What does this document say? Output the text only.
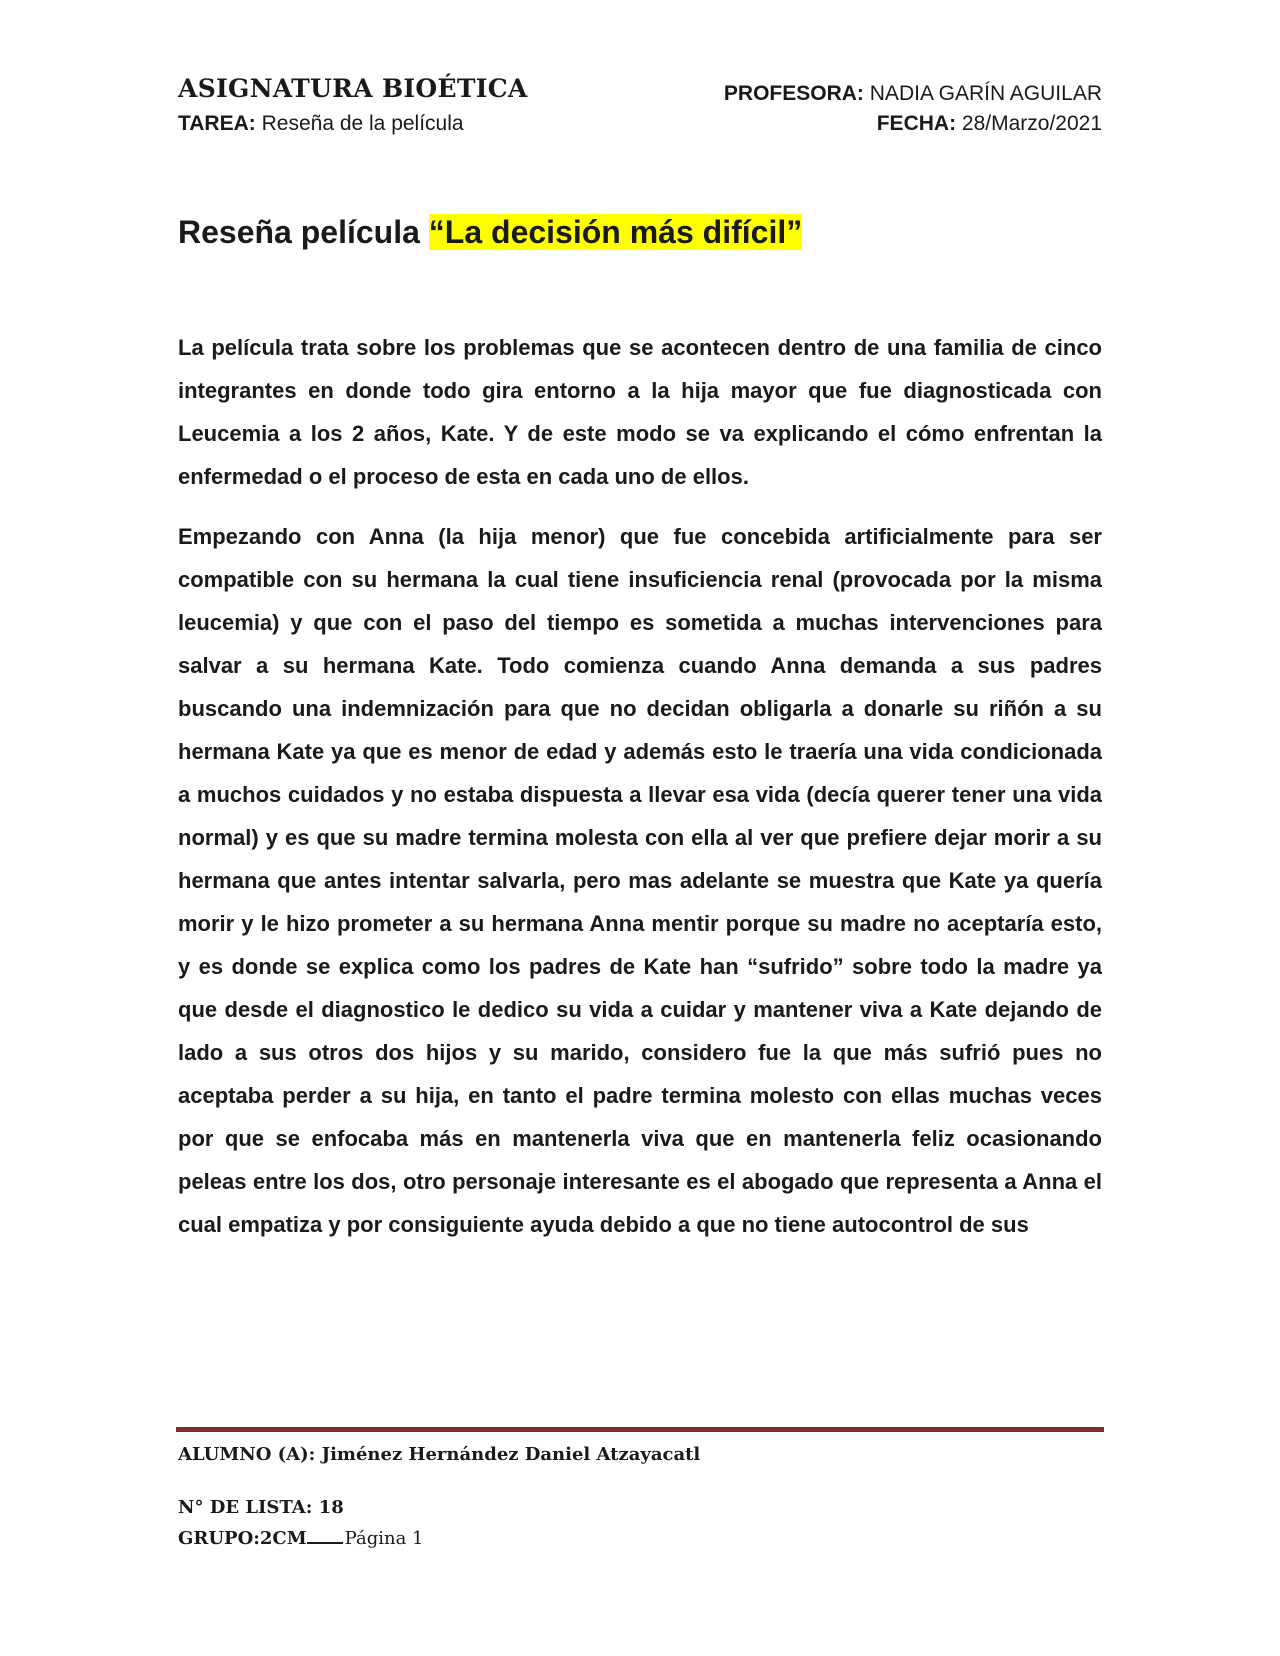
ASIGNATURA BIOÉTICA
TAREA: Reseña de la película
PROFESORA: NADIA GARÍN AGUILAR
FECHA: 28/Marzo/2021
Reseña película “La decisión más difícil”

La película trata sobre los problemas que se acontecen dentro de una familia de cinco integrantes en donde todo gira entorno a la hija mayor que fue diagnosticada con Leucemia a los 2 años, Kate. Y de este modo se va explicando el cómo enfrentan la enfermedad o el proceso de esta en cada uno de ellos.

Empezando con Anna (la hija menor) que fue concebida artificialmente para ser compatible con su hermana la cual tiene insuficiencia renal (provocada por la misma leucemia) y que con el paso del tiempo es sometida a muchas intervenciones para salvar a su hermana Kate. Todo comienza cuando Anna demanda a sus padres buscando una indemnización para que no decidan obligarla a donarle su riñón a su hermana Kate ya que es menor de edad y además esto le traería una vida condicionada a muchos cuidados y no estaba dispuesta a llevar esa vida (decía querer tener una vida normal) y es que su madre termina molesta con ella al ver que prefiere dejar morir a su hermana que antes intentar salvarla, pero mas adelante se muestra que Kate ya quería morir y le hizo prometer a su hermana Anna mentir porque su madre no aceptaría esto, y es donde se explica como los padres de Kate han “sufrido” sobre todo la madre ya que desde el diagnostico le dedico su vida a cuidar y mantener viva a Kate dejando de lado a sus otros dos hijos y su marido, considero fue la que más sufrió pues no aceptaba perder a su hija, en tanto el padre termina molesto con ellas muchas veces por que se enfocaba más en mantenerla viva que en mantenerla feliz ocasionando peleas entre los dos, otro personaje interesante es el abogado que representa a Anna el cual empatiza y por consiguiente ayuda debido a que no tiene autocontrol de sus

ALUMNO (A): Jiménez Hernández Daniel Atzayacatl
N° DE LISTA: 18
GRUPO:2CM Página 1
